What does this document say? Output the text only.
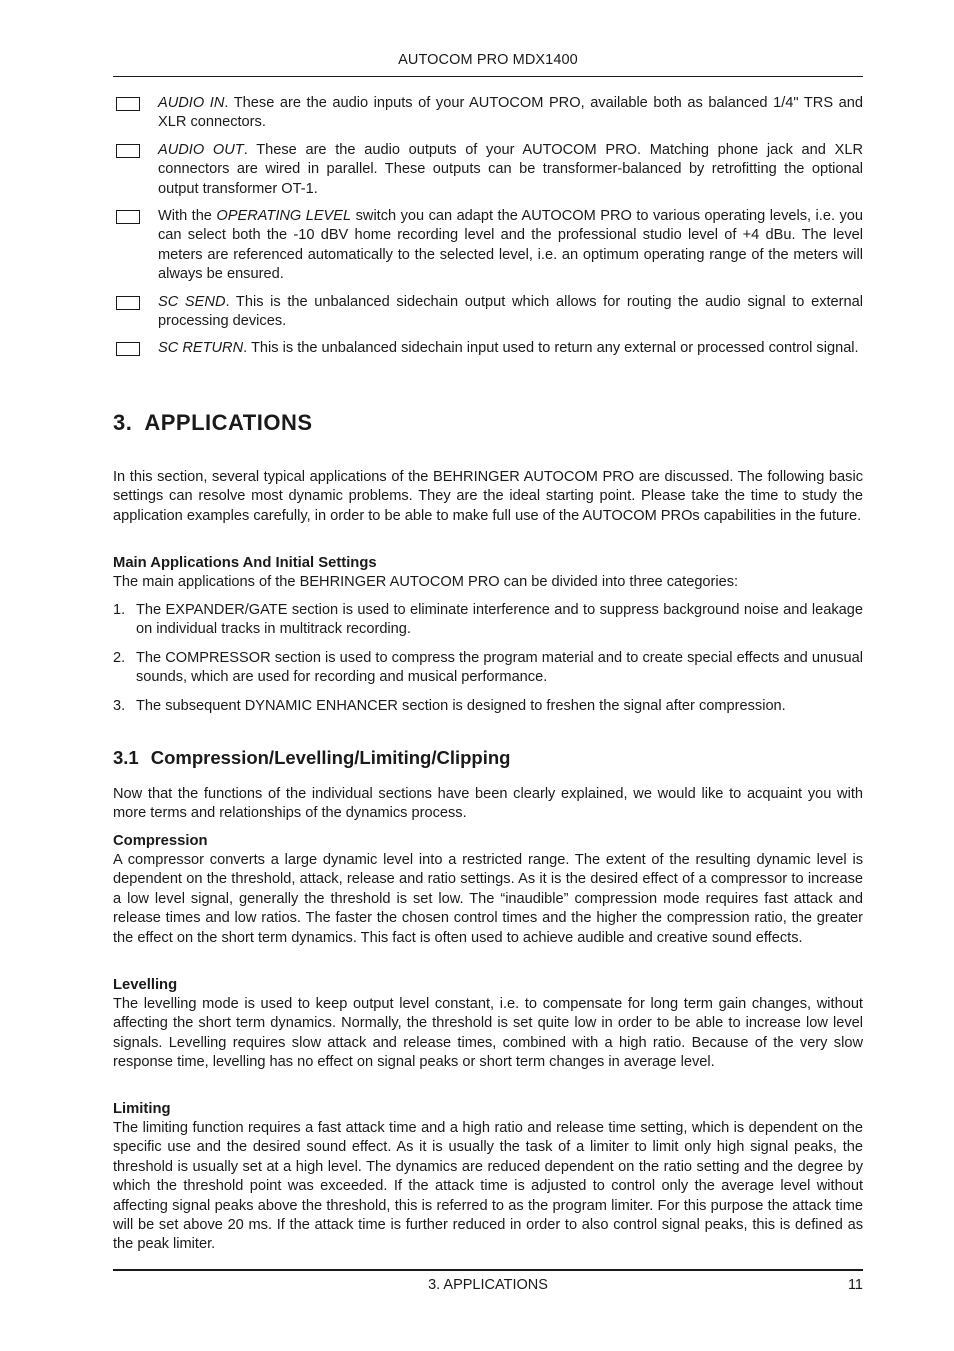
AUTOCOM PRO MDX1400

AUDIO IN. These are the audio inputs of your AUTOCOM PRO, available both as balanced 1/4" TRS and XLR connectors.

AUDIO OUT. These are the audio outputs of your AUTOCOM PRO. Matching phone jack and XLR connectors are wired in parallel. These outputs can be transformer-balanced by retrofitting the optional output transformer OT-1.

With the OPERATING LEVEL switch you can adapt the AUTOCOM PRO to various operating levels, i.e. you can select both the -10 dBV home recording level and the professional studio level of +4 dBu. The level meters are referenced automatically to the selected level, i.e. an optimum operating range of the meters will always be ensured.

SC SEND. This is the unbalanced sidechain output which allows for routing the audio signal to external processing devices.

SC RETURN. This is the unbalanced sidechain input used to return any external or processed control signal.

3. APPLICATIONS

In this section, several typical applications of the BEHRINGER AUTOCOM PRO are discussed. The following basic settings can resolve most dynamic problems. They are the ideal starting point. Please take the time to study the application examples carefully, in order to be able to make full use of the AUTOCOM PROs capabilities in the future.

Main Applications And Initial Settings

The main applications of the BEHRINGER AUTOCOM PRO can be divided into three categories:

1. The EXPANDER/GATE section is used to eliminate interference and to suppress background noise and leakage on individual tracks in multitrack recording.

2. The COMPRESSOR section is used to compress the program material and to create special effects and unusual sounds, which are used for recording and musical performance.

3. The subsequent DYNAMIC ENHANCER section is designed to freshen the signal after compression.

3.1 Compression/Levelling/Limiting/Clipping

Now that the functions of the individual sections have been clearly explained, we would like to acquaint you with more terms and relationships of the dynamics process.

Compression

A compressor converts a large dynamic level into a restricted range. The extent of the resulting dynamic level is dependent on the threshold, attack, release and ratio settings. As it is the desired effect of a compressor to increase a low level signal, generally the threshold is set low. The “inaudible” compression mode requires fast attack and release times and low ratios. The faster the chosen control times and the higher the compression ratio, the greater the effect on the short term dynamics. This fact is often used to achieve audible and creative sound effects.

Levelling

The levelling mode is used to keep output level constant, i.e. to compensate for long term gain changes, without affecting the short term dynamics. Normally, the threshold is set quite low in order to be able to increase low level signals. Levelling requires slow attack and release times, combined with a high ratio. Because of the very slow response time, levelling has no effect on signal peaks or short term changes in average level.

Limiting

The limiting function requires a fast attack time and a high ratio and release time setting, which is dependent on the specific use and the desired sound effect. As it is usually the task of a limiter to limit only high signal peaks, the threshold is usually set at a high level. The dynamics are reduced dependent on the ratio setting and the degree by which the threshold point was exceeded. If the attack time is adjusted to control only the average level without affecting signal peaks above the threshold, this is referred to as the program limiter. For this purpose the attack time will be set above 20 ms. If the attack time is further reduced in order to also control signal peaks, this is defined as the peak limiter.

3. APPLICATIONS	11
